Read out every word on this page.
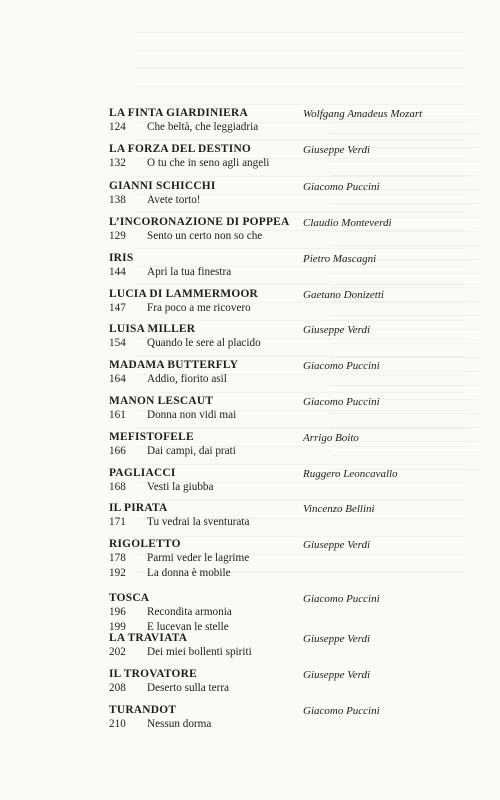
LA FINTA GIARDINIERA	Wolfgang Amadeus Mozart
124	Che beltà, che leggiadria
LA FORZA DEL DESTINO	Giuseppe Verdi
132	O tu che in seno agli angeli
GIANNI SCHICCHI	Giacomo Puccini
138	Avete torto!
L’INCORONAZIONE DI POPPEA	Claudio Monteverdi
129	Sento un certo non so che
IRIS	Pietro Mascagni
144	Apri la tua finestra
LUCIA DI LAMMERMOOR	Gaetano Donizetti
147	Fra poco a me ricovero
LUISA MILLER	Giuseppe Verdi
154	Quando le sere al placido
MADAMA BUTTERFLY	Giacomo Puccini
164	Addio, fiorito asil
MANON LESCAUT	Giacomo Puccini
161	Donna non vidi mai
MEFISTOFELE	Arrigo Boito
166	Dai campi, dai prati
PAGLIACCI	Ruggero Leoncavallo
168	Vesti la giubba
IL PIRATA	Vincenzo Bellini
171	Tu vedrai la sventurata
RIGOLETTO	Giuseppe Verdi
178	Parmi veder le lagrime
192	La donna è mobile
TOSCA	Giacomo Puccini
196	Recondita armonia
199	E lucevan le stelle
LA TRAVIATA	Giuseppe Verdi
202	Dei miei bollenti spiriti
IL TROVATORE	Giuseppe Verdi
208	Deserto sulla terra
TURANDOT	Giacomo Puccini
210	Nessun dorma
